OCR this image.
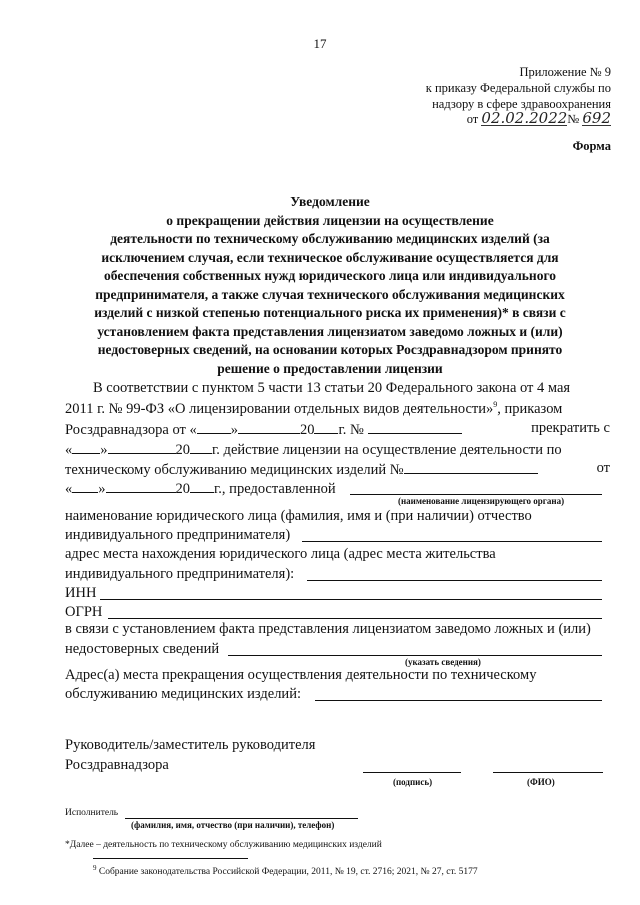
17
Приложение № 9
к приказу Федеральной службы по
надзору в сфере здравоохранения
от 02.02.2022№ 692
Форма
Уведомление
о прекращении действия лицензии на осуществление
деятельности по техническому обслуживанию медицинских изделий (за
исключением случая, если техническое обслуживание осуществляется для
обеспечения собственных нужд юридического лица или индивидуального
предпринимателя, а также случая технического обслуживания медицинских
изделий с низкой степенью потенциального риска их применения)* в связи с
установлением факта представления лицензиатом заведомо ложных и (или)
недостоверных сведений, на основании которых Росздравнадзором принято
решение о предоставлении лицензии
В соответствии с пунктом 5 части 13 статьи 20 Федерального закона от 4 мая
2011 г. № 99-ФЗ «О лицензировании отдельных видов деятельности»$^9$, приказом
Росздравнадзора от « »	20 г. №	прекратить с
« »	20 г. действие лицензии на осуществление деятельности по
техническому обслуживанию медицинских изделий №	от
« »	20 г., предоставленной
(наименование лицензирующего органа)
наименование юридического лица (фамилия, имя и (при наличии) отчество
индивидуального предпринимателя)
адрес места нахождения юридического лица (адрес места жительства
индивидуального предпринимателя):
ИНН
ОГРН
в связи с установлением факта представления лицензиатом заведомо ложных и (или)
недостоверных сведений
(указать сведения)
Адрес(а) места прекращения осуществления деятельности по техническому
обслуживанию медицинских изделий:
Руководитель/заместитель руководителя
Росздравнадзора
(подпись)	(ФИО)
Исполнитель
(фамилия, имя, отчество (при наличии), телефон)
*Далее – деятельность по техническому обслуживанию медицинских изделий
$^9$ Собрание законодательства Российской Федерации, 2011, № 19, ст. 2716; 2021, № 27, ст. 5177
